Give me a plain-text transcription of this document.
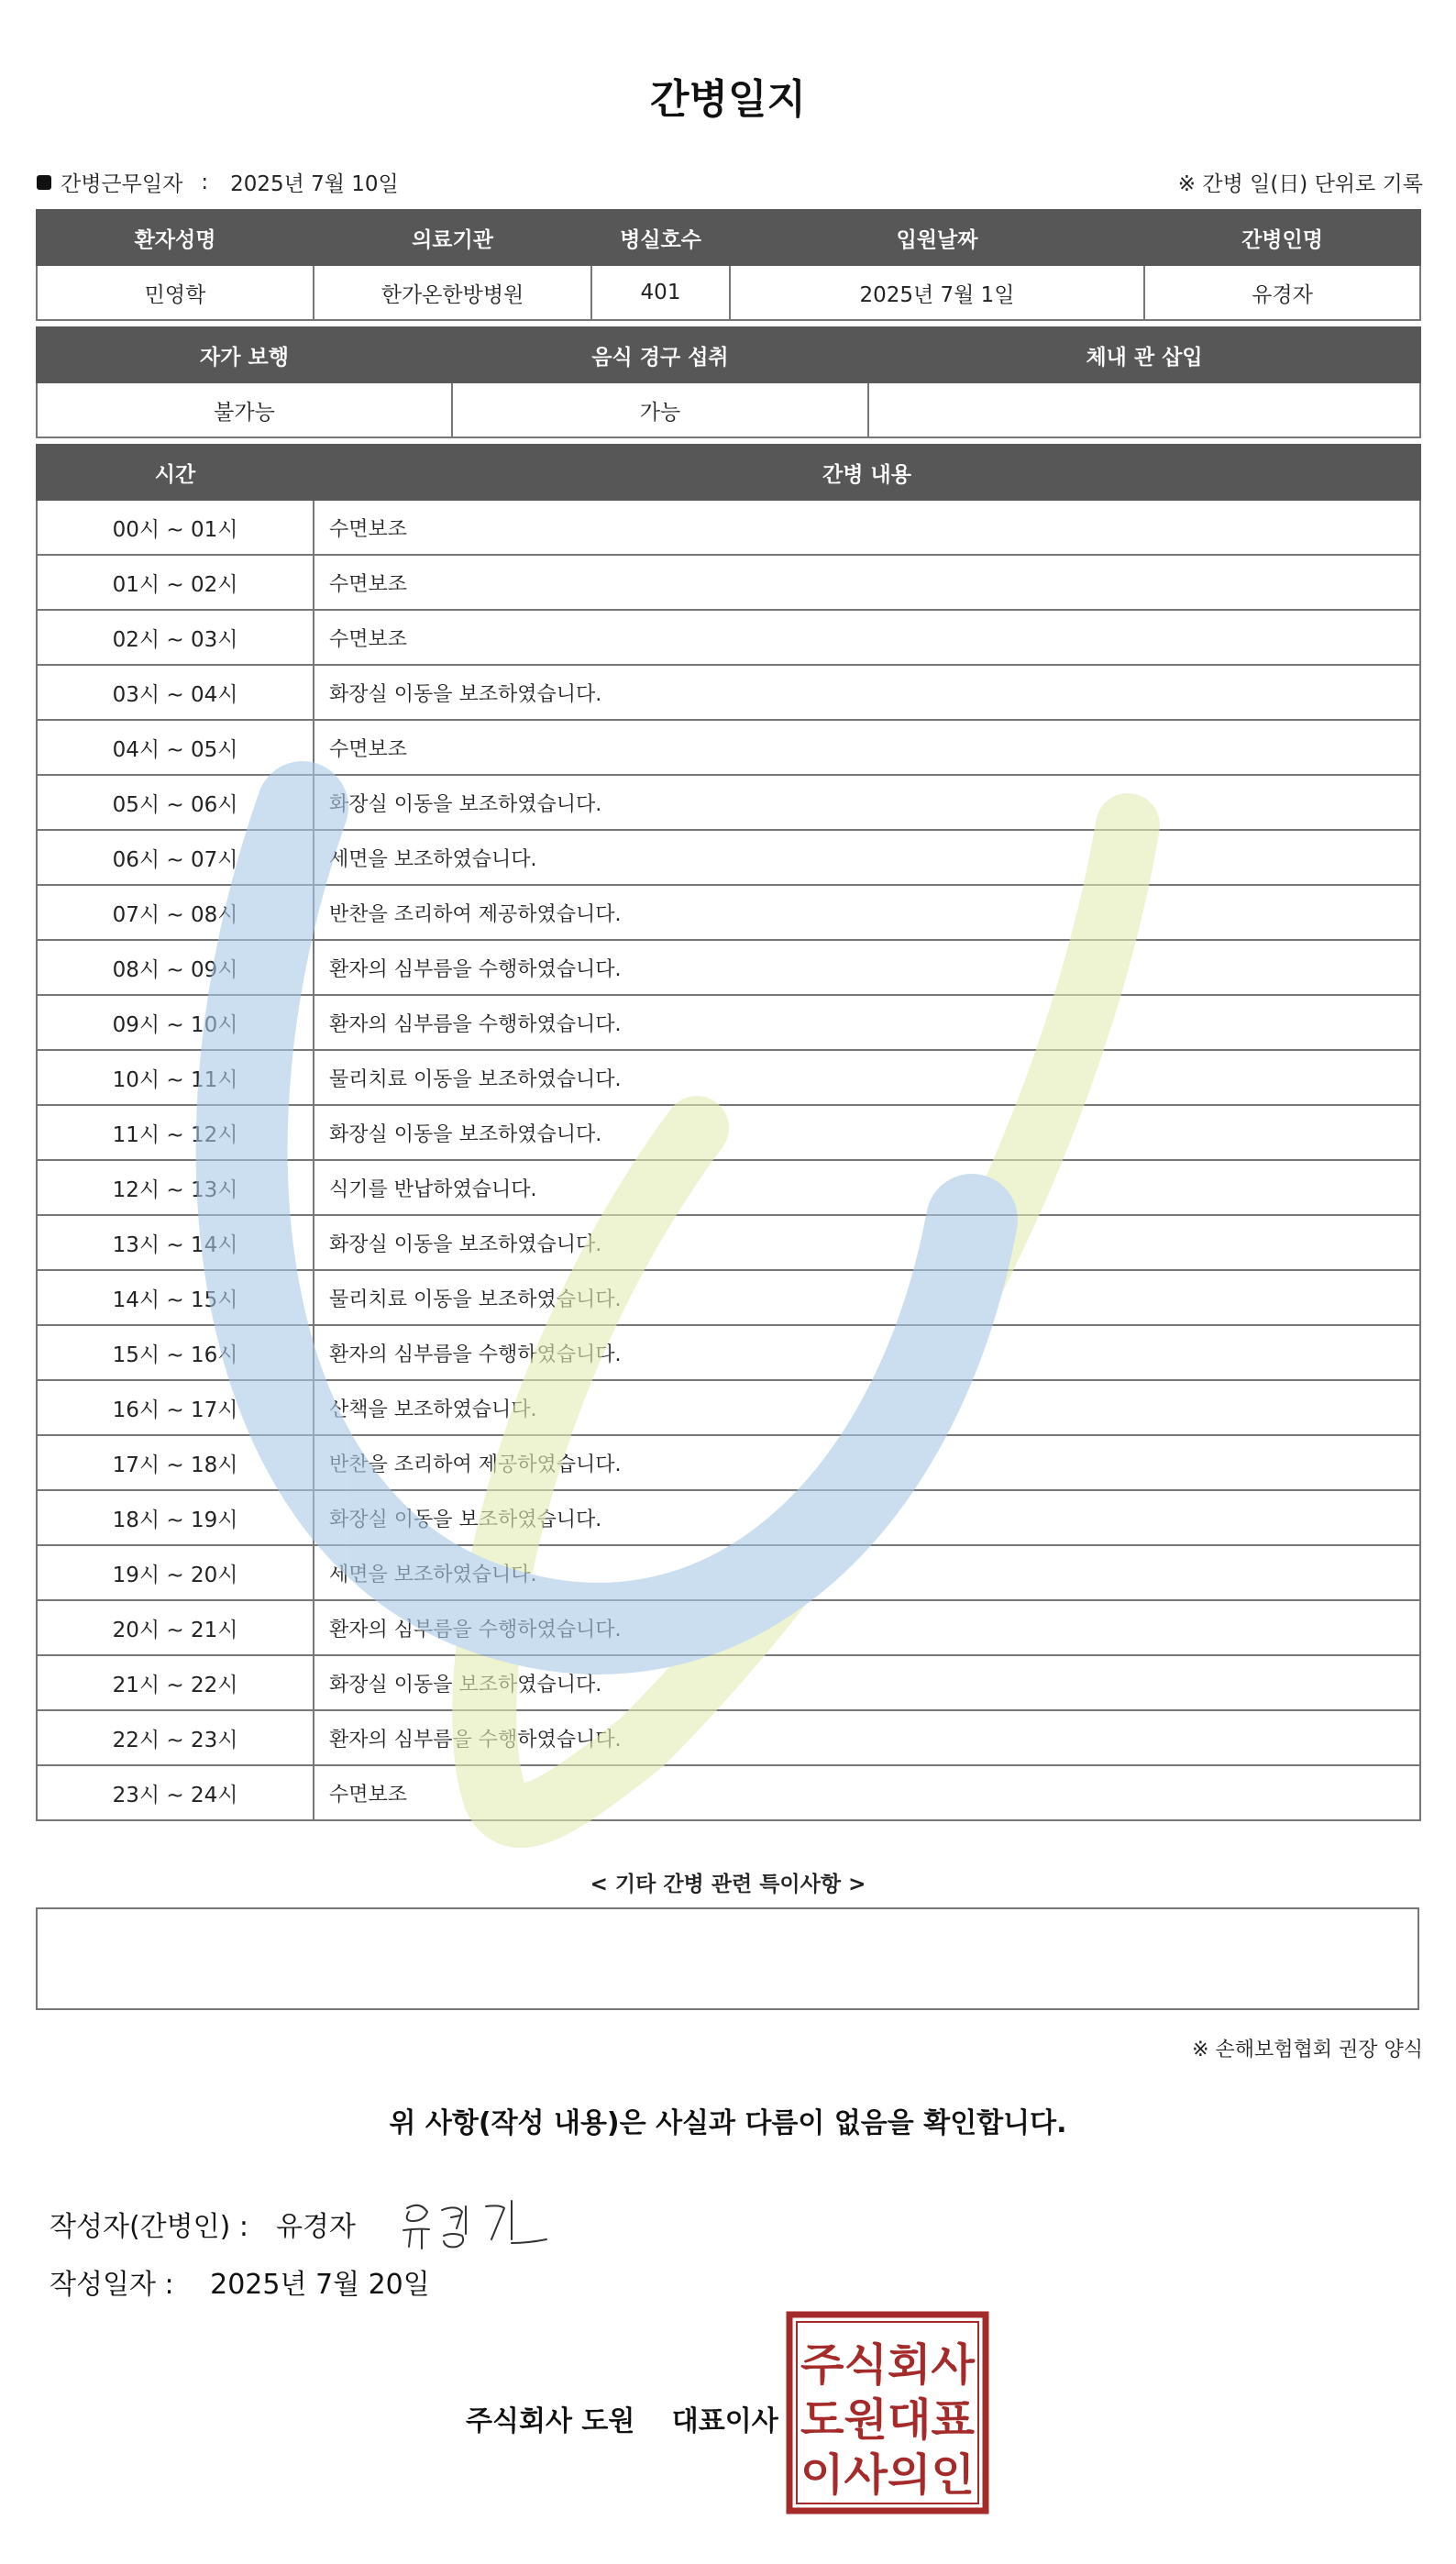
간병일지
간병근무일자 : 2025년 7월 10일	※ 간병 일(日) 단위로 기록
환자성명	의료기관	병실호수	입원날짜	간병인명
민영학	한가온한방병원	401	2025년 7월 1일	유경자
자가 보행	음식 경구 섭취	체내 관 삽입
불가능	가능	
시간	간병 내용
00시 ~ 01시	수면보조
01시 ~ 02시	수면보조
02시 ~ 03시	수면보조
03시 ~ 04시	화장실 이동을 보조하였습니다.
04시 ~ 05시	수면보조
05시 ~ 06시	화장실 이동을 보조하였습니다.
06시 ~ 07시	세면을 보조하였습니다.
07시 ~ 08시	반찬을 조리하여 제공하였습니다.
08시 ~ 09시	환자의 심부름을 수행하였습니다.
09시 ~ 10시	환자의 심부름을 수행하였습니다.
10시 ~ 11시	물리치료 이동을 보조하였습니다.
11시 ~ 12시	화장실 이동을 보조하였습니다.
12시 ~ 13시	식기를 반납하였습니다.
13시 ~ 14시	화장실 이동을 보조하였습니다.
14시 ~ 15시	물리치료 이동을 보조하였습니다.
15시 ~ 16시	환자의 심부름을 수행하였습니다.
16시 ~ 17시	산책을 보조하였습니다.
17시 ~ 18시	반찬을 조리하여 제공하였습니다.
18시 ~ 19시	화장실 이동을 보조하였습니다.
19시 ~ 20시	세면을 보조하였습니다.
20시 ~ 21시	환자의 심부름을 수행하였습니다.
21시 ~ 22시	화장실 이동을 보조하였습니다.
22시 ~ 23시	환자의 심부름을 수행하였습니다.
23시 ~ 24시	수면보조
< 기타 간병 관련 특이사항 >
※ 손해보험협회 권장 양식
위 사항(작성 내용)은 사실과 다름이 없음을 확인합니다.
작성자(간병인) : 유경자
작성일자 : 2025년 7월 20일
주식회사 도원 대표이사
주식회사
도원대표
이사의인
